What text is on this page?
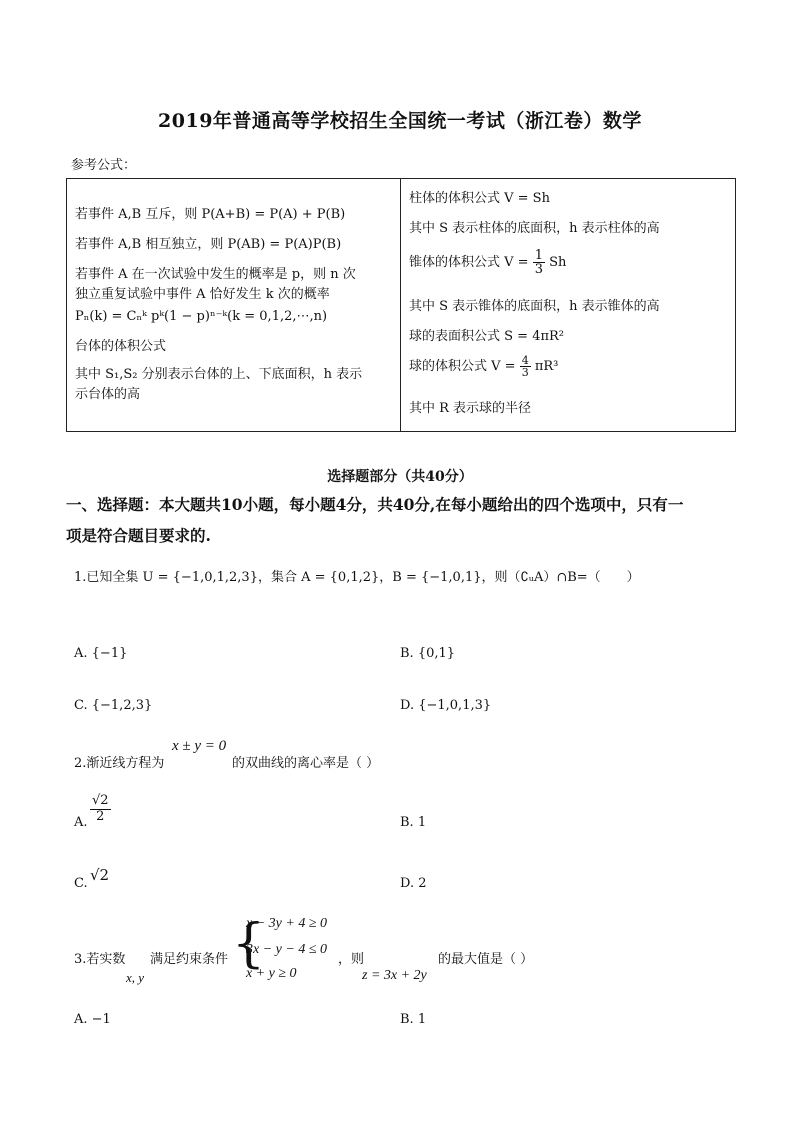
2019年普通高等学校招生全国统一考试（浙江卷）数学
参考公式：
若事件 A,B 互斥，则 P(A+B) = P(A) + P(B)
若事件 A,B 相互独立，则 P(AB) = P(A)P(B)
若事件 A 在一次试验中发生的概率是 p，则 n 次
独立重复试验中事件 A 恰好发生 k 次的概率
Pₙ(k) = Cₙᵏ pᵏ(1 − p)ⁿ⁻ᵏ(k = 0,1,2,⋯,n)
台体的体积公式
其中 S₁,S₂ 分别表示台体的上、下底面积，h 表示
示台体的高
柱体的体积公式 V = Sh
其中 S 表示柱体的底面积，h 表示柱体的高
锥体的体积公式 $V = \frac{1}{3}$ Sh
其中 S 表示锥体的底面积，h 表示锥体的高
球的表面积公式 S = 4πR²
球的体积公式 $V = \frac{4}{3} \pi R^3$
其中 R 表示球的半径
选择题部分（共40分）
一、选择题：本大题共10小题，每小题4分，共40分,在每小题给出的四个选项中，只有一
项是符合题目要求的.
1.已知全集 U = {−1,0,1,2,3}，集合 A = {0,1,2}，B = {−1,0,1}，则（∁ᵤA）∩B=（　　）
A. {−1}	B. {0,1}
C. {−1,2,3}	D. {−1,0,1,3}
2.渐近线方程为
x ± y = 0
的双曲线的离心率是（ ）
A. $\frac{√2}{2}$	B. 1
C. √2	D. 2
3.若实数
x, y
满足约束条件 {
x − 3y + 4 ≥ 0
3x − y − 4 ≤ 0
x + y ≥ 0
，则
z = 3x + 2y
的最大值是（ ）
A. −1	B. 1
